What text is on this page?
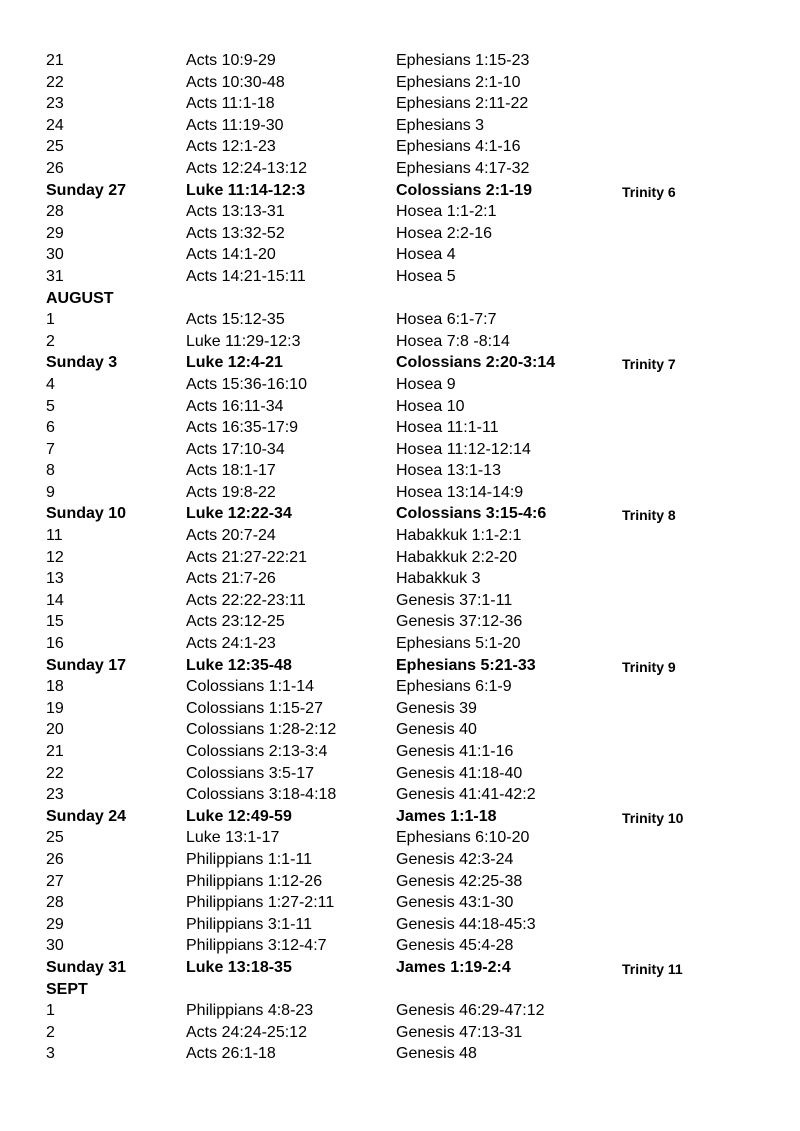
21	Acts 10:9-29	Ephesians 1:15-23
22	Acts 10:30-48	Ephesians 2:1-10
23	Acts 11:1-18	Ephesians 2:11-22
24	Acts 11:19-30	Ephesians 3
25	Acts 12:1-23	Ephesians 4:1-16
26	Acts 12:24-13:12	Ephesians 4:17-32
Sunday 27	Luke 11:14-12:3	Colossians 2:1-19	Trinity 6
28	Acts 13:13-31	Hosea 1:1-2:1
29	Acts 13:32-52	Hosea 2:2-16
30	Acts 14:1-20	Hosea 4
31	Acts 14:21-15:11	Hosea 5
AUGUST
1	Acts 15:12-35	Hosea 6:1-7:7
2	Luke 11:29-12:3	Hosea 7:8 -8:14
Sunday 3	Luke 12:4-21	Colossians 2:20-3:14	Trinity 7
4	Acts 15:36-16:10	Hosea 9
5	Acts 16:11-34	Hosea 10
6	Acts 16:35-17:9	Hosea 11:1-11
7	Acts 17:10-34	Hosea 11:12-12:14
8	Acts 18:1-17	Hosea 13:1-13
9	Acts 19:8-22	Hosea 13:14-14:9
Sunday 10	Luke 12:22-34	Colossians 3:15-4:6	Trinity 8
11	Acts 20:7-24	Habakkuk 1:1-2:1
12	Acts 21:27-22:21	Habakkuk 2:2-20
13	Acts 21:7-26	Habakkuk 3
14	Acts 22:22-23:11	Genesis 37:1-11
15	Acts 23:12-25	Genesis 37:12-36
16	Acts 24:1-23	Ephesians 5:1-20
Sunday 17	Luke 12:35-48	Ephesians 5:21-33	Trinity 9
18	Colossians 1:1-14	Ephesians 6:1-9
19	Colossians 1:15-27	Genesis 39
20	Colossians 1:28-2:12	Genesis 40
21	Colossians 2:13-3:4	Genesis 41:1-16
22	Colossians 3:5-17	Genesis 41:18-40
23	Colossians 3:18-4:18	Genesis 41:41-42:2
Sunday 24	Luke 12:49-59	James 1:1-18	Trinity 10
25	Luke 13:1-17	Ephesians 6:10-20
26	Philippians 1:1-11	Genesis 42:3-24
27	Philippians 1:12-26	Genesis 42:25-38
28	Philippians 1:27-2:11	Genesis 43:1-30
29	Philippians 3:1-11	Genesis 44:18-45:3
30	Philippians 3:12-4:7	Genesis 45:4-28
Sunday 31	Luke 13:18-35	James 1:19-2:4	Trinity 11
SEPT
1	Philippians 4:8-23	Genesis 46:29-47:12
2	Acts 24:24-25:12	Genesis 47:13-31
3	Acts 26:1-18	Genesis 48
